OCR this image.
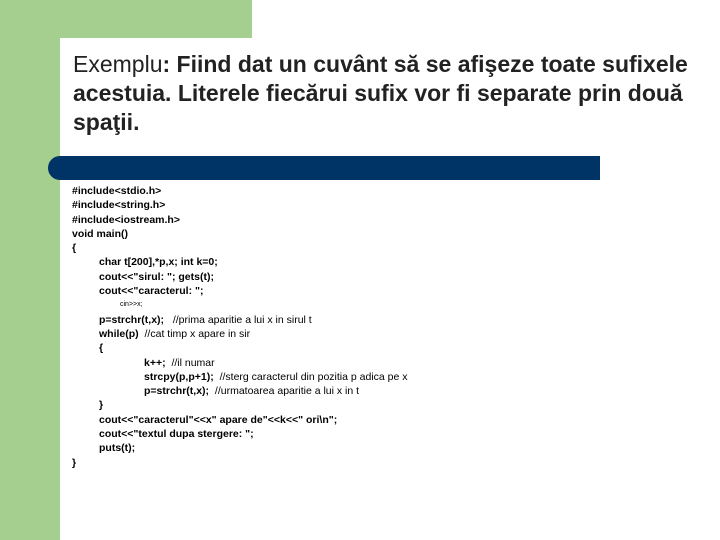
Exemplu: Fiind dat un cuvânt să se afişeze toate sufixele acestuia. Literele fiecărui sufix vor fi separate prin două spaţii.
#include<stdio.h>
#include<string.h>
#include<iostream.h>
void main()
{
char t[200],*p,x; int k=0;
cout<<"sirul: "; gets(t);
cout<<"caracterul: ";
cin>>x;
p=strchr(t,x); //prima aparitie a lui x in sirul t
while(p) //cat timp x apare in sir
{
k++; //il numar
strcpy(p,p+1); //sterg caracterul din pozitia p adica pe x
p=strchr(t,x); //urmatoarea aparitie a lui x in t
}
cout<<"caracterul"<<x" apare de"<<k<<" ori\n";
cout<<"textul dupa stergere: ";
puts(t);
}
